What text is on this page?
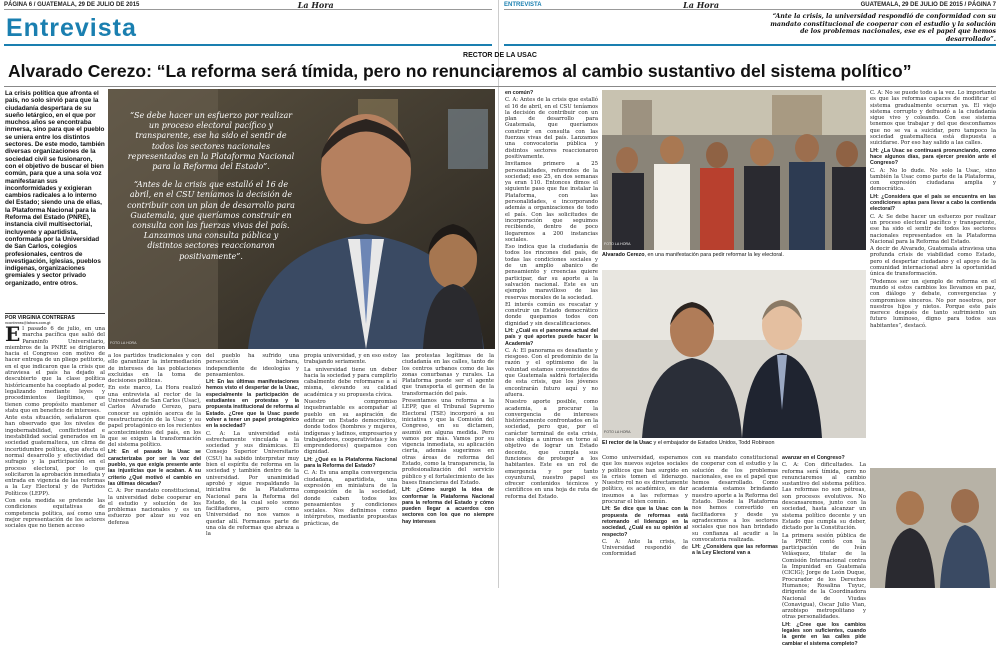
PÁGINA 6 / GUATEMALA, 29 DE JULIO DE 2015	La Hora	ENTREVISTA	La Hora	GUATEMALA, 29 DE JULIO DE 2015 / PÁGINA 7
Entrevista	“Ante la crisis, la universidad respondió de conformidad con su mandato constitucional de cooperar con el estudio y la solución de los problemas nacionales, ese es el papel que hemos desarrollado”.
RECTOR DE LA USAC
Alvarado Cerezo: “La reforma será tímida, pero no renunciaremos al cambio sustantivo del sistema político”
La crisis política que afronta el país, no solo sirvió para que la ciudadanía despertara de su sueño letárgico, en el que por muchos años se encontraba inmersa, sino para que el pueblo se uniera entre los distintos sectores. De este modo, también diversas organizaciones de la sociedad civil se fusionaron, con el objetivo de buscar el bien común, para que a una sola voz manifestaran sus inconformidades y exigieran cambios radicales a lo interno del Estado; siendo una de ellas, la Plataforma Nacional para la Reforma del Estado (PNRE), instancia civil multisectorial, incluyente y apartidista, conformada por la Universidad de San Carlos, colegios profesionales, centros de investigación, iglesias, pueblos indígenas, organizaciones gremiales y sector privado organizado, entre otros.
POR VIRGINIA CONTRERAS
vcontreras@lahora.com.gt

El pasado 6 de julio, en una marcha pacífica que salió del Paraninfo Universitario, miembros de la PNRE se dirigieron hacia el Congreso con motivo de hacer entrega de un pliego petitorio, en el que indicaron que la crisis que atraviesa el país ha dejado al descubierto que la clase política históricamente ha cooptado al poder, legalizando mediante leyes y procedimientos ilegítimos, que tienen como propósito mantener el statu quo en beneficio de intereses.

Ante esta situación, señalaron que han observado que los niveles de ingobernabilidad, conflictividad e inestabilidad social generados en la sociedad guatemalteca, un clima de incertidumbre política, que afecta el normal desarrollo y efectividad del sufragio y la participación en el proceso electoral, por lo que solicitaron la aprobación inmediata y entrada en vigencia de las reformas a la Ley Electoral y de Partidos Políticos (LEPP).

Con esta medida se pretende las condiciones equitativas de competencia política, así como una mejor representación de los actores sociales que no tienen acceso

“Se debe hacer un esfuerzo por realizar un proceso electoral pacífico y transparente, ese ha sido el sentir de todos los sectores nacionales representados en la Plataforma Nacional para la Reforma del Estado”.

“Antes de la crisis que estalló el 16 de abril, en el CSU teníamos la decisión de contribuir con un plan de desarrollo para Guatemala, que queríamos construir en consulta con las fuerzas vivas del país. Lanzamos una consulta pública y distintos sectores reaccionaron positivamente”.

FOTO LA HORA

a los partidos tradicionales y con ello garantizar la intermediación de intereses de las poblaciones excluidas en la toma de decisiones políticas.

En este marco, La Hora realizó una entrevista al rector de la Universidad de San Carlos (Usac), Carlos Alvarado Cerezo, para conocer su opinión acerca de la reestructuración de la Usac y su papel protagónico en los recientes acontecimientos del país, en los que se exigen la transformación del sistema político.

LH: En el pasado la Usac se caracterizaba por ser la voz del pueblo, ya que exigía presente ante las injusticias que le acaban. A su criterio ¿Qué motivó el cambio en las últimas décadas?

C. A: Por mandato constitucional, la universidad debe cooperar en el estudio y solución de los problemas nacionales y es un esfuerzo por alzar su voz en defensa

del pueblo ha sufrido una persecución bárbara, independiente de ideologías y pensamientos.

LH: En las últimas manifestaciones hemos visto el despertar de la Usac, especialmente la participación de estudiantes en protestas y la propuesta institucional de reforma al Estado. ¿Cree que la Usac puede volver a tener un papel protagónico en la sociedad?

C. A: La universidad está estrechamente vinculada a la sociedad y sus dinámicas. El Consejo Superior Universitario (CSU) ha sabido interpretar muy bien el espíritu de reforma en la sociedad y también dentro de la universidad. Por unanimidad aprobó y sigue respaldando la iniciativa de la Plataforma Nacional para la Reforma del Estado, de la cual solo somos facilitadores, pero como Universidad no nos vamos a quedar allí. Formamos parte de una ola de reformas que abraza a la

propia universidad, y en eso estoy trabajando seriamente.

La universidad tiene un deber hacia la sociedad y para cumplirlo cabalmente debe reformarse a sí misma, elevando su calidad académica y su propuesta cívica.

Nuestro compromiso inquebrantable es acompañar al pueblo en su aspiración de edificar un Estado democrático, donde todos (hombres y mujeres, indígenas y ladinos, empresarios y trabajadores, cooperativistas y los emprendedores) quepamos con dignidad.

LH: ¿Qué es la Plataforma Nacional para la Reforma del Estado?

C. A: Es una amplia convergencia ciudadana, apartidista, una expresión en miniatura de la composición de la sociedad, donde caben todos los pensamientos y condiciones sociales. Nos definimos como intérpretes, mediante propuestas prácticas, de

las protestas legítimas de la ciudadanía en las calles, tanto de los centros urbanos como de las zonas conurbanas y rurales. La Plataforma puede ser el agente que transporta el germen de la transformación del país.

Presentamos una reforma a la LEPP, que el Tribunal Supremo Electoral (TSE) incorporó a su iniciativa y que la Comisión del Congreso, en su dictamen, asumió en alguna medida. Pero vamos por más. Vamos por su vigencia inmediata, su aplicación cierta, además sugerimos en otras áreas de reforma del Estado, como la transparencia, la profesionalización del servicio público y el fortalecimiento de las bases financieras del Estado.

LH: ¿Cómo surgió la idea de conformar la Plataforma Nacional para la reforma del Estado y cómo pueden llegar a acuerdos con sectores con los que no siempre hay intereses

en común?

C. A: Antes de la crisis que estalló el 16 de abril, en el CSU teníamos la decisión de contribuir con un plan de desarrollo para Guatemala, que queríamos construir en consulta con las fuerzas vivas del país. Lanzamos una convocatoria pública y distintos sectores reaccionaron positivamente.

Invitamos primero a 25 personalidades, referentes de la sociedad; eso 25, en dos semanas ya eran 110. Entonces dimos el siguiente paso que fue instalar la Plataforma, con las personalidades, e incorporando además a organizaciones de todo el país. Con las solicitudes de incorporación que seguimos recibiendo, dentro de poco llegaremos a 200 instancias sociales.

Eso indica que la ciudadanía de todos los rincones del país, de todas las condiciones sociales y de un amplio abanico de pensamiento y creencias quiere participar, dar su aporte a la salvación nacional. Este es un ejemplo maravilloso de las reservas morales de la sociedad.

El interés común es rescatar y construir un Estado democrático donde quepamos todos con dignidad y sin descalificaciones.

LH: ¿Cuál es el panorama actual del país y qué aportes puede hacer la Academia?

C. A: El panorama es desafiante y riesgoso. Con el predominio de la razón y el optimismo de la voluntad estamos convencidos de que Guatemala saldrá fortalecida de esta crisis, que los jóvenes encontrarán futuro aquí y no afuera.

Nuestro aporte posible, como academia, a procurar la convergencia de intereses históricamente confrontados en la sociedad, pero que, por el carácter terminal de esta crisis, nos obliga a unirnos en torno al objetivo de lograr un Estado decente, que cumpla sus funciones de proteger a los habitantes. Este es un rol de emergencia y por tanto coyuntural, nuestro papel es ofrecer contenidos técnicos y científicos en una hoja de ruta de reforma del Estado.

FOTO LA HORA
Alvarado Cerezo, en una manifestación para pedir reformar la ley electoral.

C. A: No se puede todo a la vez. Lo importante es que las reformas capaces de modificar el sistema gradualmente ocurran ya. El viejo sistema corrupto y defraudó a la ciudadanía sigue vivo y coleando. Con ese sistema tenemos que trabajar y del que desconfiamos que no se va a suicidar, pero tampoco la sociedad guatemalteca está dispuesta a suicidarse. Por eso hay salido a las calles.

LH: ¿La Usac se continuará pronunciando, como hace algunos días, para ejercer presión ante el Congreso?

C. A: No lo dude. No solo la Usac, sino también la Usac como parte de la Plataforma, con expresión ciudadana amplia y democrática.

LH: ¿Considera que el país se encuentra en las condiciones aptas para llevar a cabo la contienda electoral?

C. A: Se debe hacer un esfuerzo por realizar un proceso electoral pacífico y transparente, ese ha sido el sentir de todos los sectores nacionales representados en la Plataforma Nacional para la Reforma del Estado.

A decir de Alvarado, Guatemala atraviesa una profunda crisis de viabilidad como Estado, pero el despertar ciudadano y el apoyo de la comunidad internacional abre la oportunidad única de transformación.

“Podemos ser un ejemplo de reforma en el mundo si estos cambios los llevamos en paz, con diálogo y debate, convergencias y compromisos sinceros. No por nosotros, por nuestros hijos y nietos. Porque este país merece después de tanto sufrimiento un futuro luminoso, digno para todos sus habitantes”, destacó.

FOTO LA HORA
El rector de la Usac y el embajador de Estados Unidos, Todd Robinson

Como universidad, esperamos que los nuevos sujetos sociales y políticos que han surgido en la crisis tomen el liderazgo. Nuestro rol no es directamente político, es académico, es dar insumos a las reformas y procurar el bien común.

LH: Se dice que la Usac con la propuesta de reformas está retomando el liderazgo en la sociedad, ¿Cuál es su opinión al respecto?

C. A: Ante la crisis, la Universidad respondió de conformidad

con su mandato constitucional de cooperar con el estudio y la solución de los problemas nacionales, ese es el papel que hemos desarrollado. Como academia estamos brindando nuestro aporte a la Reforma del Estado. Desde la Plataforma nos hemos convertido en facilitadores y desde ya agradecemos a los sectores sociales que nos han brindado su confianza al acudir a la convocatoria realizada.

LH: ¿Considera que las reformas a la Ley Electoral van a

avanzar en el Congreso?

C. A: Con dificultades. La reforma será tímida, pero no renunciaremos al cambio sustantivo del sistema político. Las reformas no son pétreas, son procesos evolutivos. No descansaremos, junto con la sociedad, hasta alcanzar un sistema político decente y un Estado que cumpla su deber, dictado por la Constitución.

La primera sesión pública de la PNRE contó con la participación de Iván Velásquez, titular de la Comisión Internacional contra la Impunidad en Guatemala (CICIG); Jorge de León Duque, Procurador de los Derechos Humanos; Rosalina Tuyuc, dirigente de la Coordinadora Nacional de Viudas (Conavigua), Oscar Julio Vian, arzobispo metropolitano y otras personalidades.

LH: ¿Cree que los cambios legales son suficientes, cuando la gente en las calles pide cambiar el sistema completo?
